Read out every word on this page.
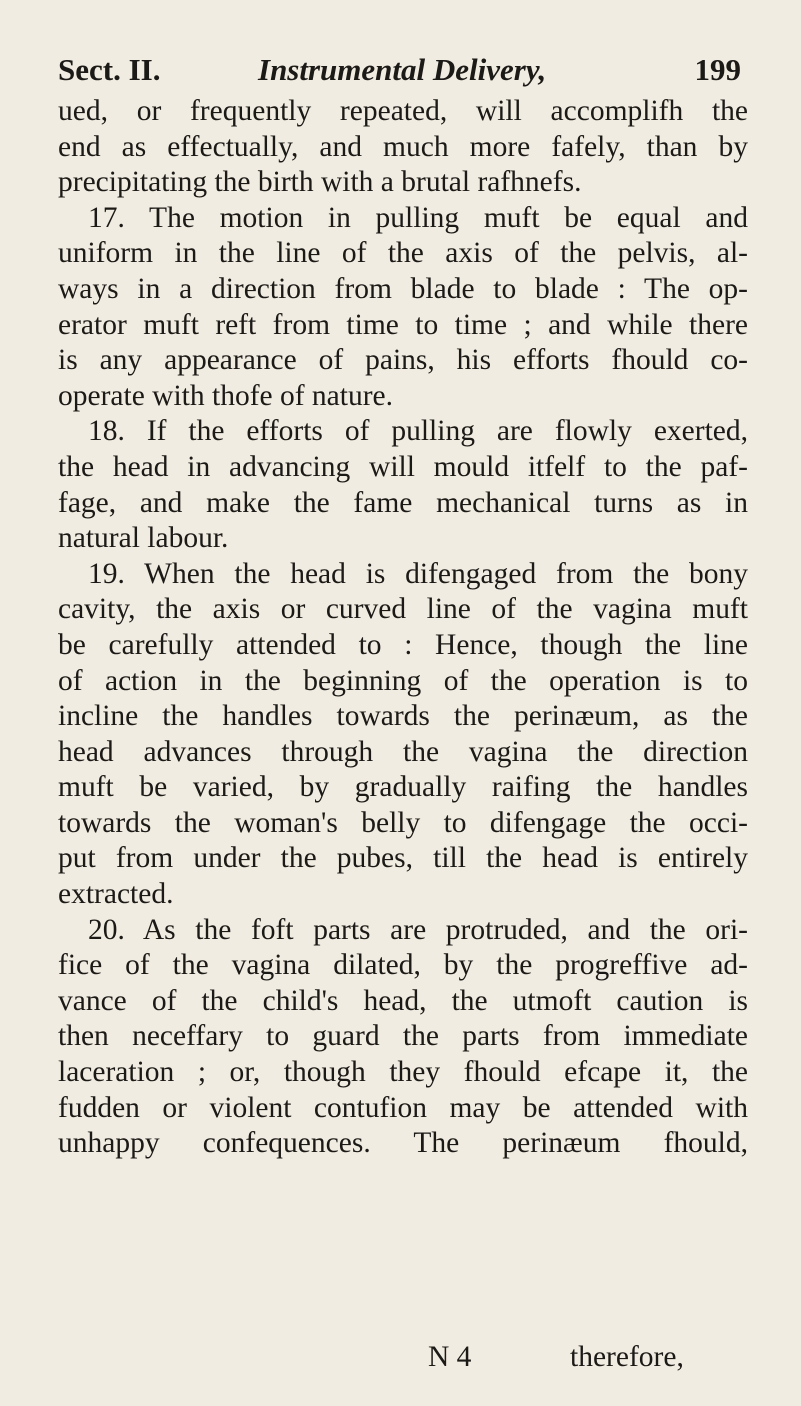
Sect. II.	Instrumental Delivery,	199
ued, or frequently repeated, will accomplifh the
end as effectually, and much more fafely, than by
precipitating the birth with a brutal rafhnefs.
17. The motion in pulling muft be equal and
uniform in the line of the axis of the pelvis, al-
ways in a direction from blade to blade : The op-
erator muft reft from time to time ; and while there
is any appearance of pains, his efforts fhould co-
operate with thofe of nature.
18. If the efforts of pulling are flowly exerted,
the head in advancing will mould itfelf to the paf-
fage, and make the fame mechanical turns as in
natural labour.
19. When the head is difengaged from the bony
cavity, the axis or curved line of the vagina muft
be carefully attended to : Hence, though the line
of action in the beginning of the operation is to
incline the handles towards the perinæum, as the
head advances through the vagina the direction
muft be varied, by gradually raifing the handles
towards the woman's belly to difengage the occi-
put from under the pubes, till the head is entirely
extracted.
20. As the foft parts are protruded, and the ori-
fice of the vagina dilated, by the progreffive ad-
vance of the child's head, the utmoft caution is
then neceffary to guard the parts from immediate
laceration ; or, though they fhould efcape it, the
fudden or violent contufion may be attended with
unhappy confequences. The perinæum fhould,
N 4	therefore,
